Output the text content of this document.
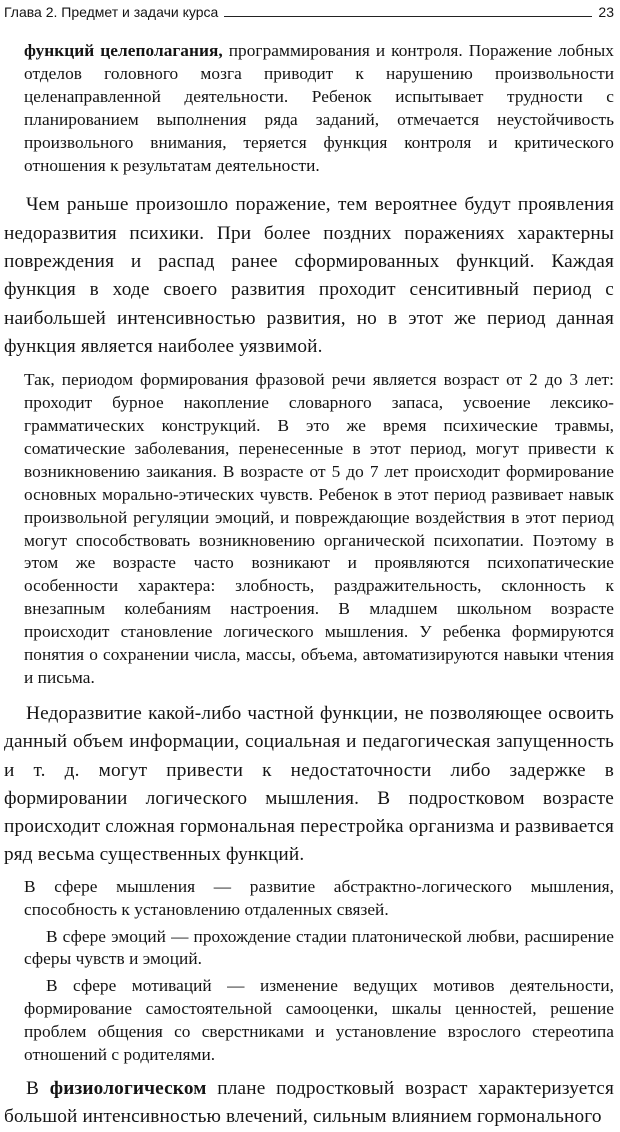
Глава 2. Предмет и задачи курса	23

функций целеполагания, программирования и контроля. Поражение лобных отделов головного мозга приводит к нарушению произвольности целенаправленной деятельности. Ребенок испытывает трудности с планированием выполнения ряда заданий, отмечается неустойчивость произвольного внимания, теряется функция контроля и критического отношения к результатам деятельности.

Чем раньше произошло поражение, тем вероятнее будут проявления недоразвития психики. При более поздних поражениях характерны повреждения и распад ранее сформированных функций. Каждая функция в ходе своего развития проходит сенситивный период с наибольшей интенсивностью развития, но в этот же период данная функция является наиболее уязвимой.

Так, периодом формирования фразовой речи является возраст от 2 до 3 лет: проходит бурное накопление словарного запаса, усвоение лексико-грамматических конструкций. В это же время психические травмы, соматические заболевания, перенесенные в этот период, могут привести к возникновению заикания. В возрасте от 5 до 7 лет происходит формирование основных морально-этических чувств. Ребенок в этот период развивает навык произвольной регуляции эмоций, и повреждающие воздействия в этот период могут способствовать возникновению органической психопатии. Поэтому в этом же возрасте часто возникают и проявляются психопатические особенности характера: злобность, раздражительность, склонность к внезапным колебаниям настроения. В младшем школьном возрасте происходит становление логического мышления. У ребенка формируются понятия о сохранении числа, массы, объема, автоматизируются навыки чтения и письма.

Недоразвитие какой-либо частной функции, не позволяющее освоить данный объем информации, социальная и педагогическая запущенность и т. д. могут привести к недостаточности либо задержке в формировании логического мышления. В подростковом возрасте происходит сложная гормональная перестройка организма и развивается ряд весьма существенных функций.

В сфере мышления — развитие абстрактно-логического мышления, способность к установлению отдаленных связей.

В сфере эмоций — прохождение стадии платонической любви, расширение сферы чувств и эмоций.

В сфере мотиваций — изменение ведущих мотивов деятельности, формирование самостоятельной самооценки, шкалы ценностей, решение проблем общения со сверстниками и установление взрослого стереотипа отношений с родителями.

В физиологическом плане подростковый возраст характеризуется большой интенсивностью влечений, сильным влиянием гормонального
